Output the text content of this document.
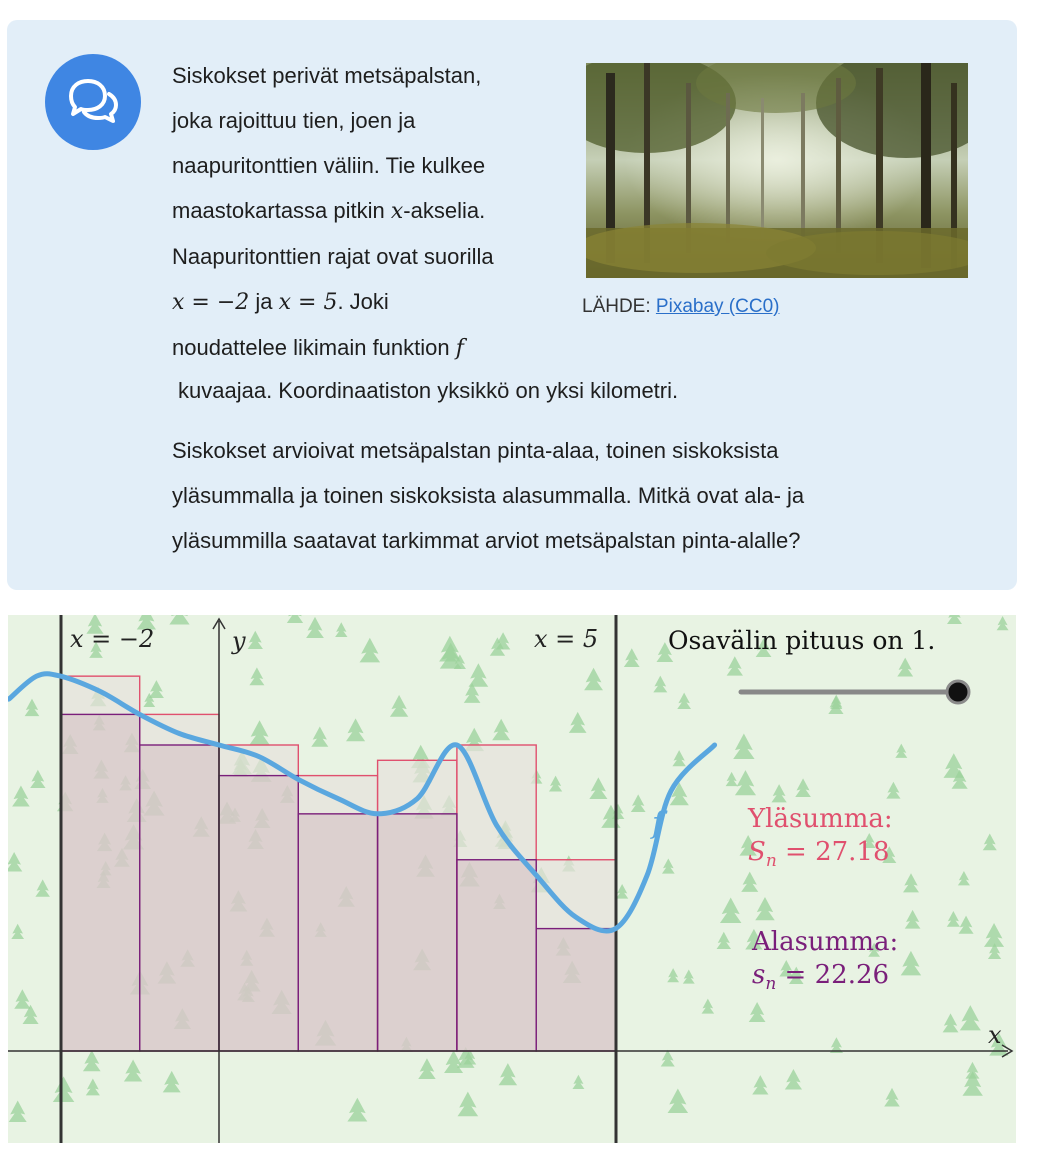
Siskokset perivät metsäpalstan,
joka rajoittuu tien, joen ja
naapuritonttien väliin. Tie kulkee
maastokartassa pitkin x-akselia.
Naapuritonttien rajat ovat suorilla
x = −2 ja x = 5. Joki
noudattelee likimain funktion f
kuvaajaa. Koordinaatiston yksikkö on yksi kilometri.
Siskokset arvioivat metsäpalstan pinta-alaa, toinen siskoksista
yläsummalla ja toinen siskoksista alasummalla. Mitkä ovat ala- ja
yläsummilla saatavat tarkimmat arviot metsäpalstan pinta-alalle?
LÄHDE: Pixabay (CC0)
x = −2	y	x = 5
x
f
Osavälin pituus on 1.
Yläsumma:
$S_n = 27.18$
Alasumma:
$s_n = 22.26$
